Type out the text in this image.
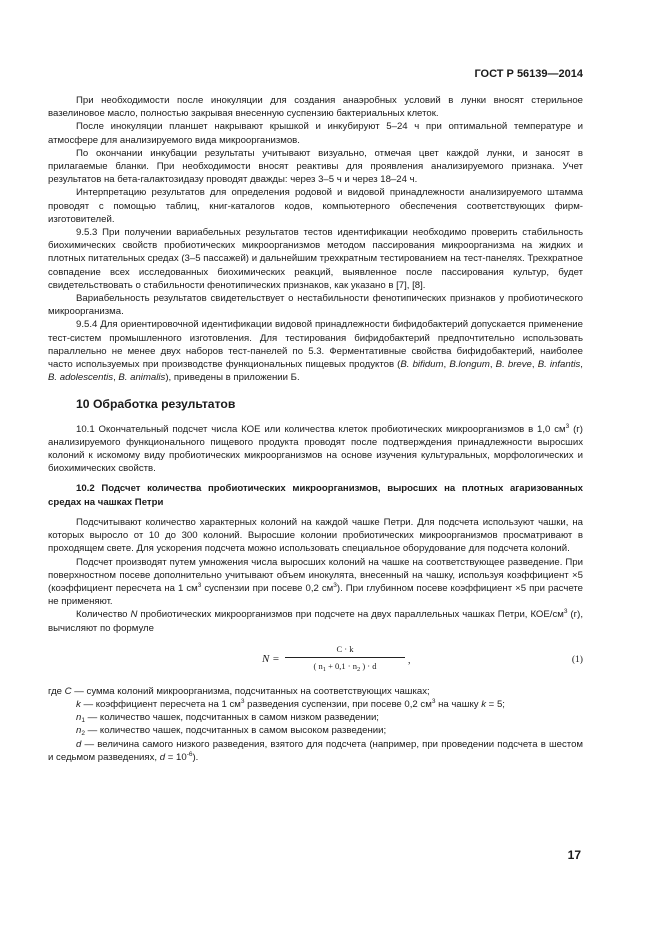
ГОСТ Р 56139—2014

При необходимости после инокуляции для создания анаэробных условий в лунки вносят стерильное вазелиновое масло, полностью закрывая внесенную суспензию бактериальных клеток.

После инокуляции планшет накрывают крышкой и инкубируют 5–24 ч при оптимальной температуре и атмосфере для анализируемого вида микроорганизмов.

По окончании инкубации результаты учитывают визуально, отмечая цвет каждой лунки, и заносят в прилагаемые бланки. При необходимости вносят реактивы для проявления анализируемого признака. Учет результатов на бета-галактозидазу проводят дважды: через 3–5 ч и через 18–24 ч.

Интерпретацию результатов для определения родовой и видовой принадлежности анализируемого штамма проводят с помощью таблиц, книг-каталогов кодов, компьютерного обеспечения соответствующих фирм-изготовителей.

9.5.3 При получении вариабельных результатов тестов идентификации необходимо проверить стабильность биохимических свойств пробиотических микроорганизмов методом пассирования микроорганизма на жидких и плотных питательных средах (3–5 пассажей) и дальнейшим трехкратным тестированием на тест-панелях. Трехкратное совпадение всех исследованных биохимических реакций, выявленное после пассирования культур, будет свидетельствовать о стабильности фенотипических признаков, как указано в [7], [8].

Вариабельность результатов свидетельствует о нестабильности фенотипических признаков у пробиотического микроорганизма.

9.5.4 Для ориентировочной идентификации видовой принадлежности бифидобактерий допускается применение тест-систем промышленного изготовления. Для тестирования бифидобактерий предпочтительно использовать параллельно не менее двух наборов тест-панелей по 5.3. Ферментативные свойства бифидобактерий, наиболее часто используемых при производстве функциональных пищевых продуктов (B. bifidum, B.longum, B. breve, B. infantis, B. adolescentis, B. animalis), приведены в приложении Б.

10 Обработка результатов

10.1 Окончательный подсчет числа КОЕ или количества клеток пробиотических микроорганизмов в 1,0 $см^3$ (г) анализируемого функционального пищевого продукта проводят после подтверждения принадлежности выросших колоний к искомому виду пробиотических микроорганизмов на основе изучения культуральных, морфологических и биохимических свойств.

10.2 Подсчет количества пробиотических микроорганизмов, выросших на плотных агаризованных средах на чашках Петри

Подсчитывают количество характерных колоний на каждой чашке Петри. Для подсчета используют чашки, на которых выросло от 10 до 300 колоний. Выросшие колонии пробиотических микроорганизмов просматривают в проходящем свете. Для ускорения подсчета можно использовать специальное оборудование для подсчета колоний.

Подсчет производят путем умножения числа выросших колоний на чашке на соответствующее разведение. При поверхностном посеве дополнительно учитывают объем инокулята, внесенный на чашку, используя коэффициент ×5 (коэффициент пересчета на 1 $см^3$ суспензии при посеве 0,2 $см^3$). При глубинном посеве коэффициент ×5 при расчете не применяют.

Количество N пробиотических микроорганизмов при подсчете на двух параллельных чашках Петри, КОЕ/$см^3$ (г), вычисляют по формуле

N =
C · k
( $n_1 + 0,1 \cdot n_2$ ) · d	,	(1)

где C — сумма колоний микроорганизма, подсчитанных на соответствующих чашках;

k — коэффициент пересчета на 1 $см^3$ разведения суспензии, при посеве 0,2 $см^3$ на чашку k = 5;

$n_1$ — количество чашек, подсчитанных в самом низком разведении;

$n_2$ — количество чашек, подсчитанных в самом высоком разведении;

d — величина самого низкого разведения, взятого для подсчета (например, при проведении подсчета в шестом и седьмом разведениях, $d = 10^{-6}$).

17
